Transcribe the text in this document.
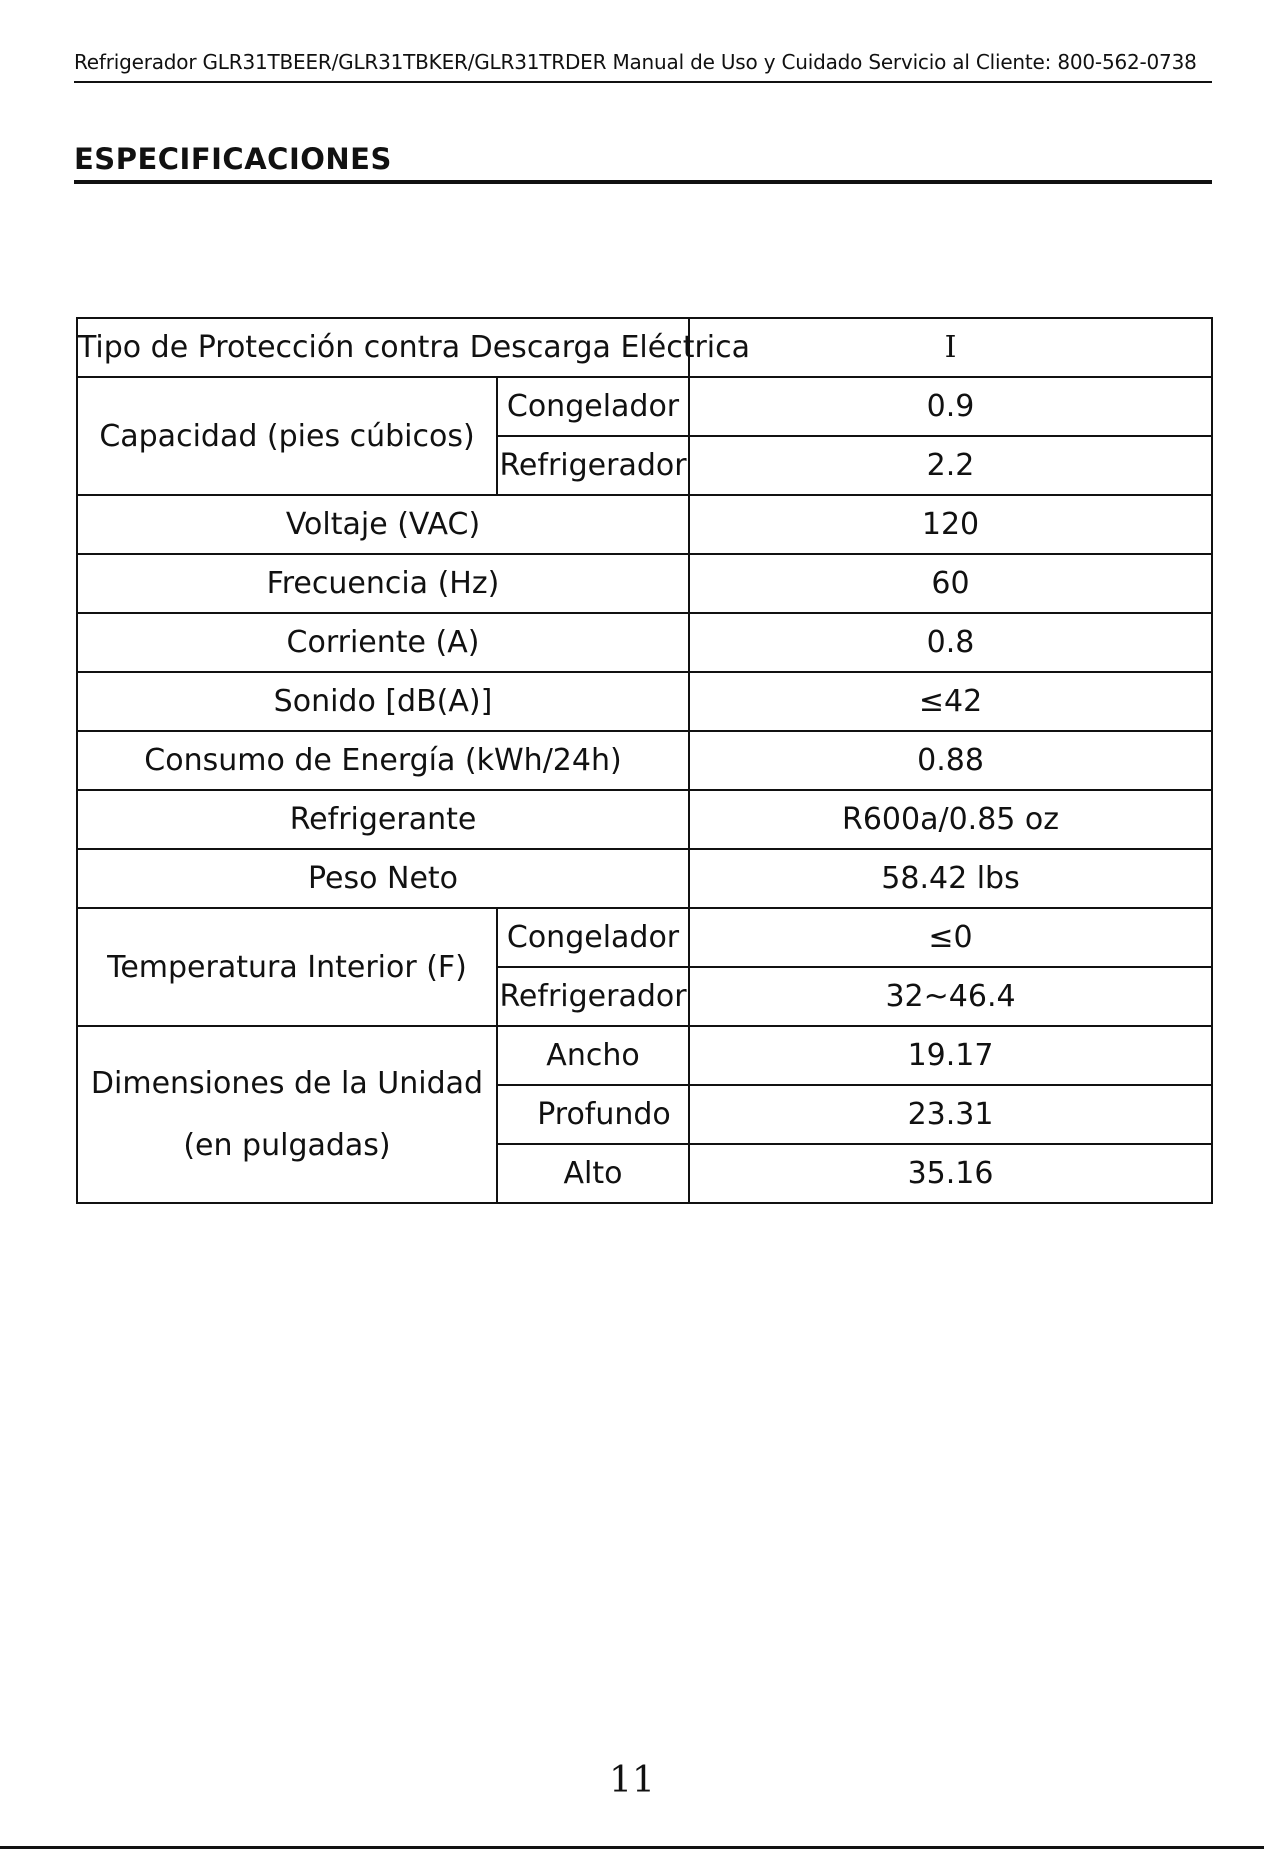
Refrigerador GLR31TBEER/GLR31TBKER/GLR31TRDER Manual de Uso y Cuidado Servicio al Cliente: 800-562-0738
ESPECIFICACIONES
Tipo de Protección contra Descarga Eléctrica		I
Capacidad (pies cúbicos)	Congelador	0.9
	Refrigerador	2.2
Voltaje (VAC)		120
Frecuencia (Hz)		60
Corriente (A)		0.8
Sonido [dB(A)]		≤42
Consumo de Energía (kWh/24h)		0.88
Refrigerante		R600a/0.85 oz
Peso Neto		58.42 lbs
Temperatura Interior (F)	Congelador	≤0
	Refrigerador	32~46.4
Dimensiones de la Unidad
(en pulgadas)	Ancho	19.17
	Profundo	23.31
	Alto	35.16
11
